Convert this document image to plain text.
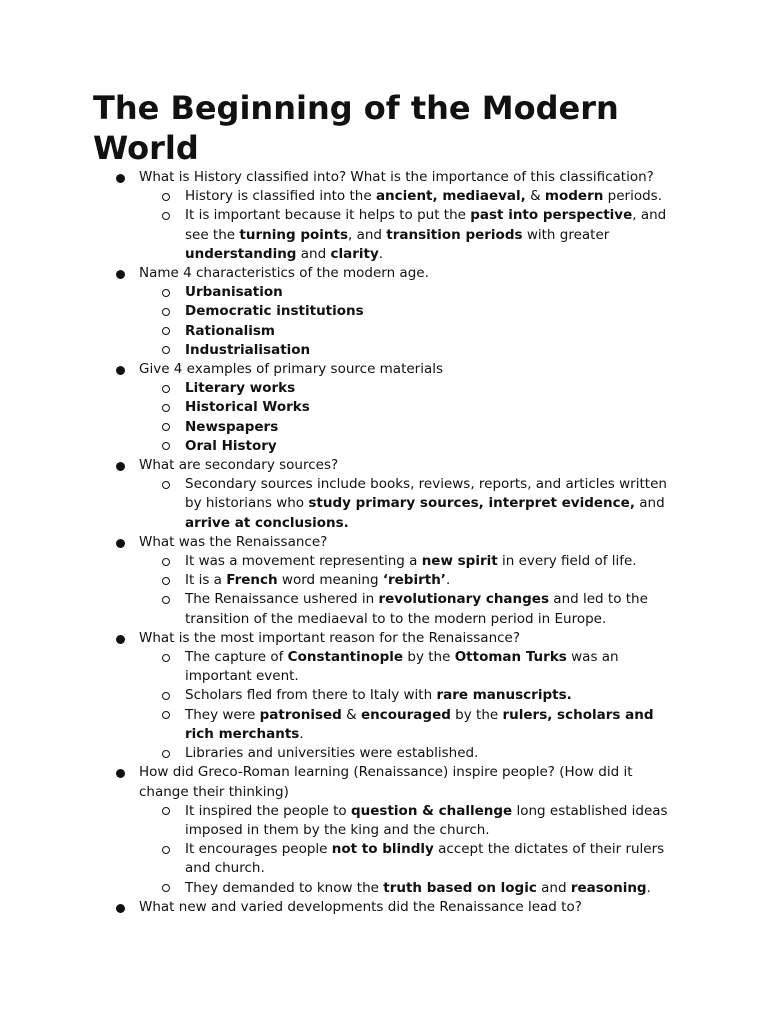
The Beginning of the Modern World
What is History classified into? What is the importance of this classification?
History is classified into the ancient, mediaeval, & modern periods.
It is important because it helps to put the past into perspective, and see the turning points, and transition periods with greater understanding and clarity.
Name 4 characteristics of the modern age.
Urbanisation
Democratic institutions
Rationalism
Industrialisation
Give 4 examples of primary source materials
Literary works
Historical Works
Newspapers
Oral History
What are secondary sources?
Secondary sources include books, reviews, reports, and articles written by historians who study primary sources, interpret evidence, and arrive at conclusions.
What was the Renaissance?
It was a movement representing a new spirit in every field of life.
It is a French word meaning ‘rebirth’.
The Renaissance ushered in revolutionary changes and led to the transition of the mediaeval to to the modern period in Europe.
What is the most important reason for the Renaissance?
The capture of Constantinople by the Ottoman Turks was an important event.
Scholars fled from there to Italy with rare manuscripts.
They were patronised & encouraged by the rulers, scholars and rich merchants.
Libraries and universities were established.
How did Greco-Roman learning (Renaissance) inspire people? (How did it change their thinking)
It inspired the people to question & challenge long established ideas imposed in them by the king and the church.
It encourages people not to blindly accept the dictates of their rulers and church.
They demanded to know the truth based on logic and reasoning.
What new and varied developments did the Renaissance lead to?
